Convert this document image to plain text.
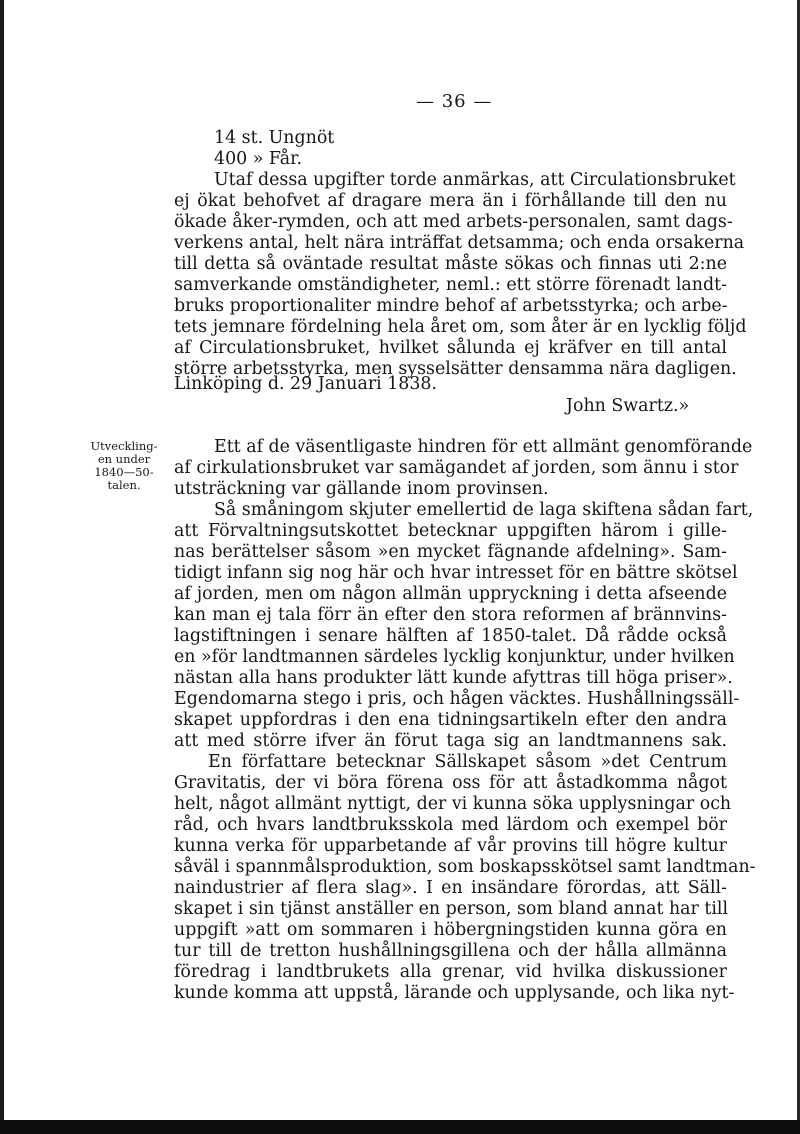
— 36 —
14 st. Ungnöt
400 » Får.
Utaf dessa upgifter torde anmärkas, att Circulationsbruket
ej ökat behofvet af dragare mera än i förhållande till den nu
ökade åker-rymden, och att med arbets-personalen, samt dags-
verkens antal, helt nära inträffat detsamma; och enda orsakerna
till detta så oväntade resultat måste sökas och finnas uti 2:ne
samverkande omständigheter, neml.: ett större förenadt landt-
bruks proportionaliter mindre behof af arbetsstyrka; och arbe-
tets jemnare fördelning hela året om, som åter är en lycklig följd
af Circulationsbruket, hvilket sålunda ej kräfver en till antal
större arbetsstyrka, men sysselsätter densamma nära dagligen.
Linköping d. 29 Januari 1838.
John Swartz.»
Utveckling-
en under
1840—50-
talen.
Ett af de väsentligaste hindren för ett allmänt genomförande
af cirkulationsbruket var samägandet af jorden, som ännu i stor
utsträckning var gällande inom provinsen.
Så småningom skjuter emellertid de laga skiftena sådan fart,
att Förvaltningsutskottet betecknar uppgiften härom i gille-
nas berättelser såsom »en mycket fägnande afdelning». Sam-
tidigt infann sig nog här och hvar intresset för en bättre skötsel
af jorden, men om någon allmän uppryckning i detta afseende
kan man ej tala förr än efter den stora reformen af brännvins-
lagstiftningen i senare hälften af 1850-talet. Då rådde också
en »för landtmannen särdeles lycklig konjunktur, under hvilken
nästan alla hans produkter lätt kunde afyttras till höga priser».
Egendomarna stego i pris, och hågen väcktes. Hushållningssäll-
skapet uppfordras i den ena tidningsartikeln efter den andra
att med större ifver än förut taga sig an landtmannens sak.
En författare betecknar Sällskapet såsom »det Centrum
Gravitatis, der vi böra förena oss för att åstadkomma något
helt, något allmänt nyttigt, der vi kunna söka upplysningar och
råd, och hvars landtbruksskola med lärdom och exempel bör
kunna verka för upparbetande af vår provins till högre kultur
såväl i spannmålsproduktion, som boskapsskötsel samt landtman-
naindustrier af flera slag». I en insändare förordas, att Säll-
skapet i sin tjänst anställer en person, som bland annat har till
uppgift »att om sommaren i höbergningstiden kunna göra en
tur till de tretton hushållningsgillena och der hålla allmänna
föredrag i landtbrukets alla grenar, vid hvilka diskussioner
kunde komma att uppstå, lärande och upplysande, och lika nyt-
